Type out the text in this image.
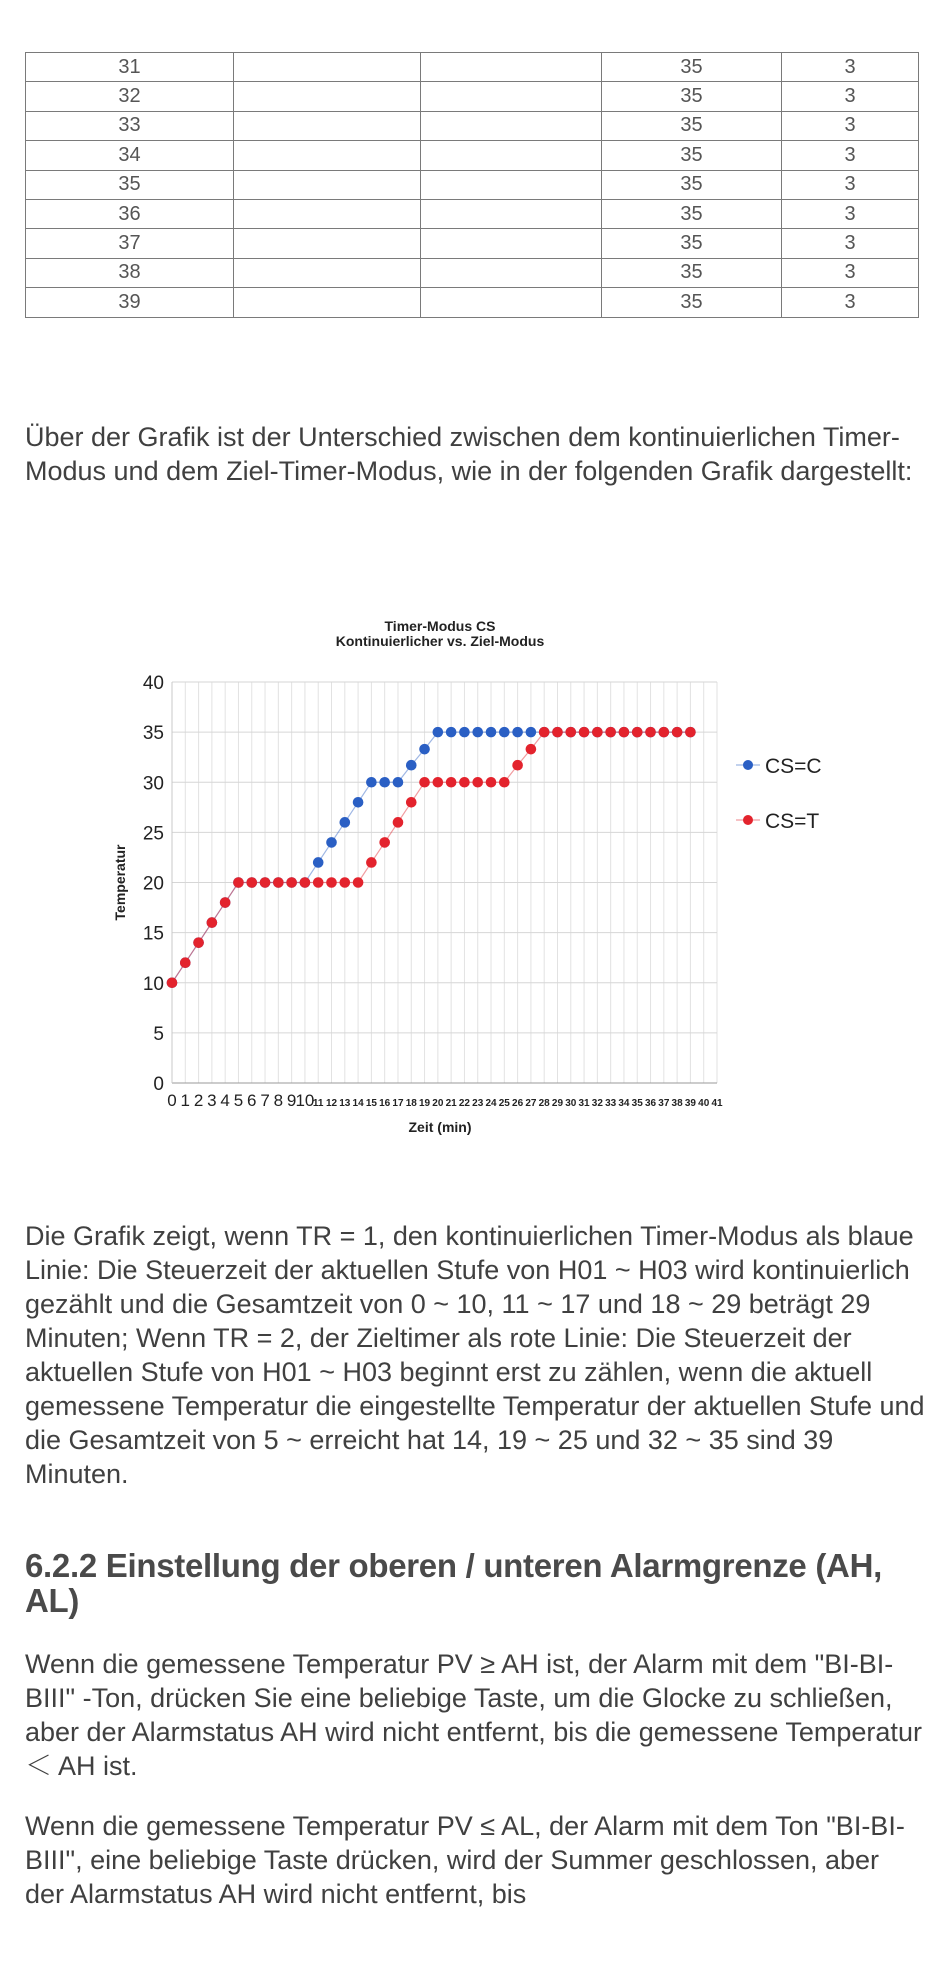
31			35	3
32			35	3
33			35	3
34			35	3
35			35	3
36			35	3
37			35	3
38			35	3
39			35	3

Über der Grafik ist der Unterschied zwischen dem kontinuierlichen Timer-Modus und dem Ziel-Timer-Modus, wie in der folgenden Grafik dargestellt:

0
5
10
15
20
25
30
35
40
0 1 2 3 4 5 6 7 8 9 10
11 12 13 14 15 16 17 18 19 20 21 22 23 24 25 26 27 28 29 30 31 32 33 34 35 36 37 38 39 40 41
Timer-Modus CS
Kontinuierlicher vs. Ziel-Modus
Zeit (min)
Temperatur
CS=C
CS=T

Die Grafik zeigt, wenn TR = 1, den kontinuierlichen Timer-Modus als blaue Linie: Die Steuerzeit der aktuellen Stufe von H01 ~ H03 wird kontinuierlich gezählt und die Gesamtzeit von 0 ~ 10, 11 ~ 17 und 18 ~ 29 beträgt 29 Minuten; Wenn TR = 2, der Zieltimer als rote Linie: Die Steuerzeit der aktuellen Stufe von H01 ~ H03 beginnt erst zu zählen, wenn die aktuell gemessene Temperatur die eingestellte Temperatur der aktuellen Stufe und die Gesamtzeit von 5 ~ erreicht hat 14, 19 ~ 25 und 32 ~ 35 sind 39 Minuten.

6.2.2 Einstellung der oberen / unteren Alarmgrenze (AH, AL)

Wenn die gemessene Temperatur PV ≥ AH ist, der Alarm mit dem "BI-BI-BIII" -Ton, drücken Sie eine beliebige Taste, um die Glocke zu schließen, aber der Alarmstatus AH wird nicht entfernt, bis die gemessene Temperatur ＜ AH ist.

Wenn die gemessene Temperatur PV ≤ AL, der Alarm mit dem Ton "BI-BI-BIII", eine beliebige Taste drücken, wird der Summer geschlossen, aber der Alarmstatus AH wird nicht entfernt, bis
